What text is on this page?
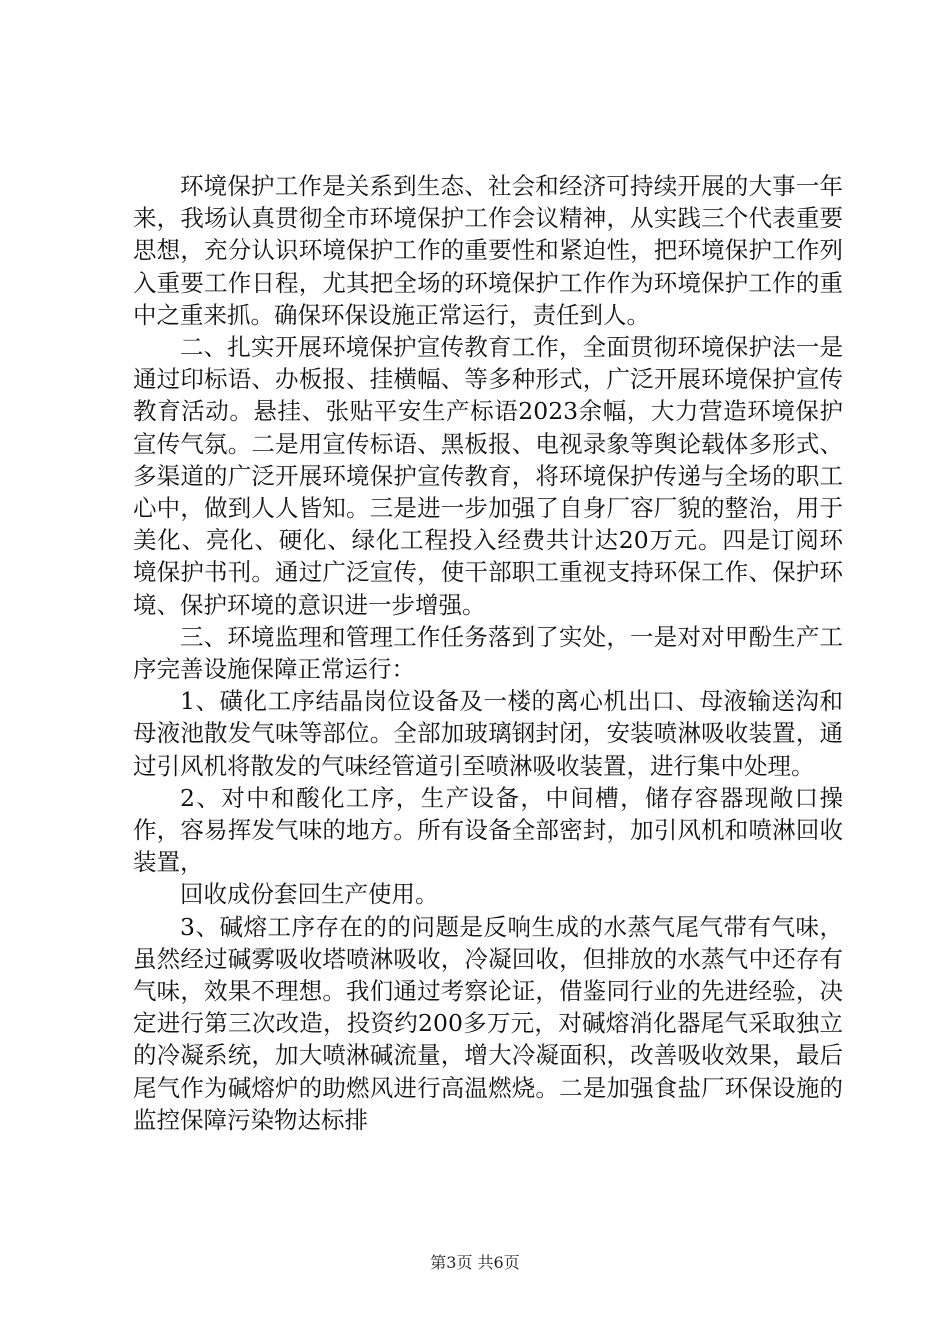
环境保护工作是关系到生态、社会和经济可持续开展的大事一年来，我场认真贯彻全市环境保护工作会议精神，从实践三个代表重要思想，充分认识环境保护工作的重要性和紧迫性，把环境保护工作列入重要工作日程，尤其把全场的环境保护工作作为环境保护工作的重中之重来抓。确保环保设施正常运行，责任到人。

二、扎实开展环境保护宣传教育工作，全面贯彻环境保护法一是通过印标语、办板报、挂横幅、等多种形式，广泛开展环境保护宣传教育活动。悬挂、张贴平安生产标语2023余幅，大力营造环境保护宣传气氛。二是用宣传标语、黑板报、电视录象等舆论载体多形式、多渠道的广泛开展环境保护宣传教育，将环境保护传递与全场的职工心中，做到人人皆知。三是进一步加强了自身厂容厂貌的整治，用于美化、亮化、硬化、绿化工程投入经费共计达20万元。四是订阅环境保护书刊。通过广泛宣传，使干部职工重视支持环保工作、保护环境、保护环境的意识进一步增强。

三、环境监理和管理工作任务落到了实处，一是对对甲酚生产工序完善设施保障正常运行：

1、磺化工序结晶岗位设备及一楼的离心机出口、母液输送沟和母液池散发气味等部位。全部加玻璃钢封闭，安装喷淋吸收装置，通过引风机将散发的气味经管道引至喷淋吸收装置，进行集中处理。

2、对中和酸化工序，生产设备，中间槽，储存容器现敞口操作，容易挥发气味的地方。所有设备全部密封，加引风机和喷淋回收装置，

回收成份套回生产使用。

3、碱熔工序存在的的问题是反响生成的水蒸气尾气带有气味，虽然经过碱雾吸收塔喷淋吸收，冷凝回收，但排放的水蒸气中还存有气味，效果不理想。我们通过考察论证，借鉴同行业的先进经验，决定进行第三次改造，投资约200多万元，对碱熔消化器尾气采取独立的冷凝系统，加大喷淋碱流量，增大冷凝面积，改善吸收效果，最后尾气作为碱熔炉的助燃风进行高温燃烧。二是加强食盐厂环保设施的监控保障污染物达标排

第3页 共6页
